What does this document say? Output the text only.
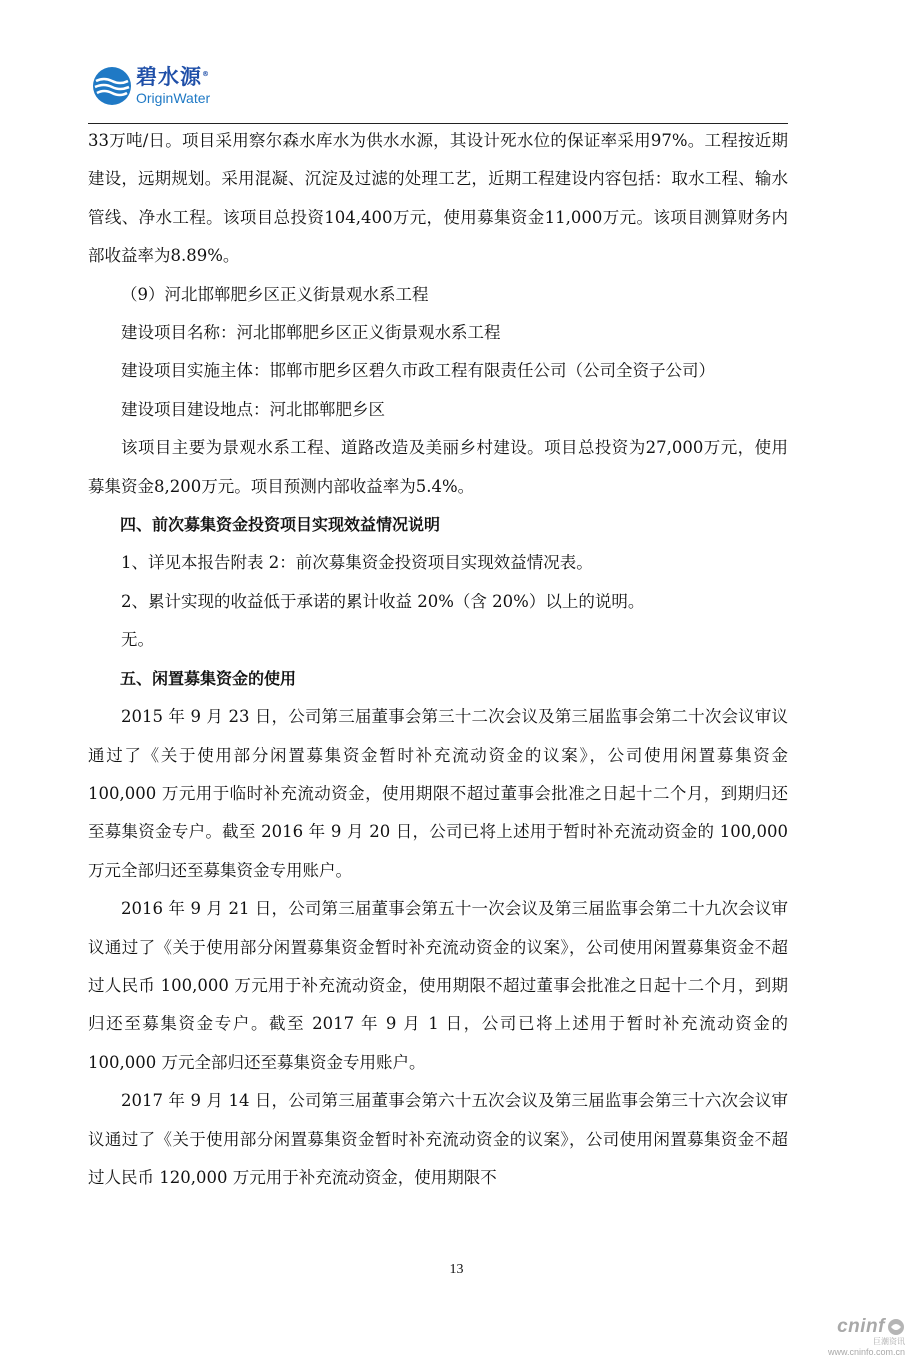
碧水源®
OriginWater

33万吨/日。项目采用察尔森水库水为供水水源，其设计死水位的保证率采用97%。工程按近期建设，远期规划。采用混凝、沉淀及过滤的处理工艺，近期工程建设内容包括：取水工程、输水管线、净水工程。该项目总投资104,400万元，使用募集资金11,000万元。该项目测算财务内部收益率为8.89%。

（9）河北邯郸肥乡区正义街景观水系工程

建设项目名称：河北邯郸肥乡区正义街景观水系工程

建设项目实施主体：邯郸市肥乡区碧久市政工程有限责任公司（公司全资子公司）

建设项目建设地点：河北邯郸肥乡区

该项目主要为景观水系工程、道路改造及美丽乡村建设。项目总投资为27,000万元，使用募集资金8,200万元。项目预测内部收益率为5.4%。

四、前次募集资金投资项目实现效益情况说明

1、详见本报告附表 2：前次募集资金投资项目实现效益情况表。

2、累计实现的收益低于承诺的累计收益 20%（含 20%）以上的说明。

无。

五、闲置募集资金的使用

2015 年 9 月 23 日，公司第三届董事会第三十二次会议及第三届监事会第二十次会议审议通过了《关于使用部分闲置募集资金暂时补充流动资金的议案》，公司使用闲置募集资金 100,000 万元用于临时补充流动资金，使用期限不超过董事会批准之日起十二个月，到期归还至募集资金专户。截至 2016 年 9 月 20 日，公司已将上述用于暂时补充流动资金的 100,000 万元全部归还至募集资金专用账户。

2016 年 9 月 21 日，公司第三届董事会第五十一次会议及第三届监事会第二十九次会议审议通过了《关于使用部分闲置募集资金暂时补充流动资金的议案》，公司使用闲置募集资金不超过人民币 100,000 万元用于补充流动资金，使用期限不超过董事会批准之日起十二个月，到期归还至募集资金专户。截至 2017 年 9 月 1 日，公司已将上述用于暂时补充流动资金的 100,000 万元全部归还至募集资金专用账户。

2017 年 9 月 14 日，公司第三届董事会第六十五次会议及第三届监事会第三十六次会议审议通过了《关于使用部分闲置募集资金暂时补充流动资金的议案》，公司使用闲置募集资金不超过人民币 120,000 万元用于补充流动资金，使用期限不

13
cninf
巨潮资讯
www.cninfo.com.cn
